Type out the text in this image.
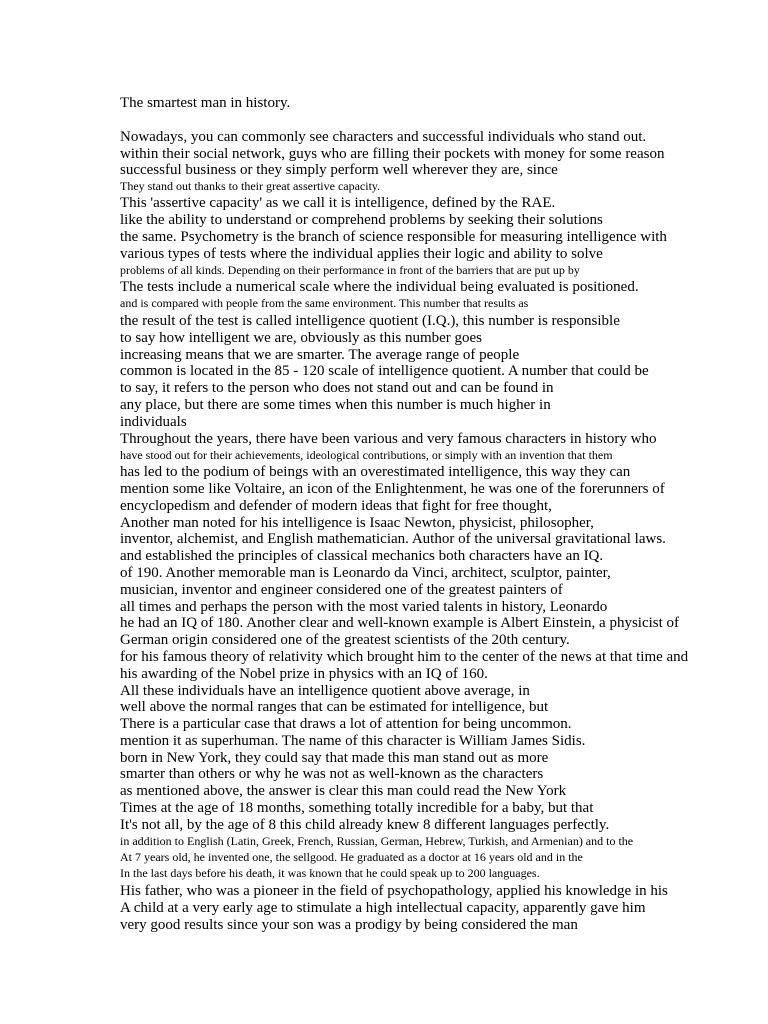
The smartest man in history.
Nowadays, you can commonly see characters and successful individuals who stand out.
within their social network, guys who are filling their pockets with money for some reason
successful business or they simply perform well wherever they are, since
They stand out thanks to their great assertive capacity.
This 'assertive capacity' as we call it is intelligence, defined by the RAE.
like the ability to understand or comprehend problems by seeking their solutions
the same. Psychometry is the branch of science responsible for measuring intelligence with
various types of tests where the individual applies their logic and ability to solve
problems of all kinds. Depending on their performance in front of the barriers that are put up by
The tests include a numerical scale where the individual being evaluated is positioned.
and is compared with people from the same environment. This number that results as
the result of the test is called intelligence quotient (I.Q.), this number is responsible
to say how intelligent we are, obviously as this number goes
increasing means that we are smarter. The average range of people
common is located in the 85 - 120 scale of intelligence quotient. A number that could be
to say, it refers to the person who does not stand out and can be found in
any place, but there are some times when this number is much higher in
individuals
Throughout the years, there have been various and very famous characters in history who
have stood out for their achievements, ideological contributions, or simply with an invention that them
has led to the podium of beings with an overestimated intelligence, this way they can
mention some like Voltaire, an icon of the Enlightenment, he was one of the forerunners of
encyclopedism and defender of modern ideas that fight for free thought,
Another man noted for his intelligence is Isaac Newton, physicist, philosopher,
inventor, alchemist, and English mathematician. Author of the universal gravitational laws.
and established the principles of classical mechanics both characters have an IQ.
of 190. Another memorable man is Leonardo da Vinci, architect, sculptor, painter,
musician, inventor and engineer considered one of the greatest painters of
all times and perhaps the person with the most varied talents in history, Leonardo
he had an IQ of 180. Another clear and well-known example is Albert Einstein, a physicist of
German origin considered one of the greatest scientists of the 20th century.
for his famous theory of relativity which brought him to the center of the news at that time and
his awarding of the Nobel prize in physics with an IQ of 160.
All these individuals have an intelligence quotient above average, in
well above the normal ranges that can be estimated for intelligence, but
There is a particular case that draws a lot of attention for being uncommon.
mention it as superhuman. The name of this character is William James Sidis.
born in New York, they could say that made this man stand out as more
smarter than others or why he was not as well-known as the characters
as mentioned above, the answer is clear this man could read the New York
Times at the age of 18 months, something totally incredible for a baby, but that
It's not all, by the age of 8 this child already knew 8 different languages perfectly.
in addition to English (Latin, Greek, French, Russian, German, Hebrew, Turkish, and Armenian) and to the
At 7 years old, he invented one, the sellgood. He graduated as a doctor at 16 years old and in the
In the last days before his death, it was known that he could speak up to 200 languages.
His father, who was a pioneer in the field of psychopathology, applied his knowledge in his
A child at a very early age to stimulate a high intellectual capacity, apparently gave him
very good results since your son was a prodigy by being considered the man
